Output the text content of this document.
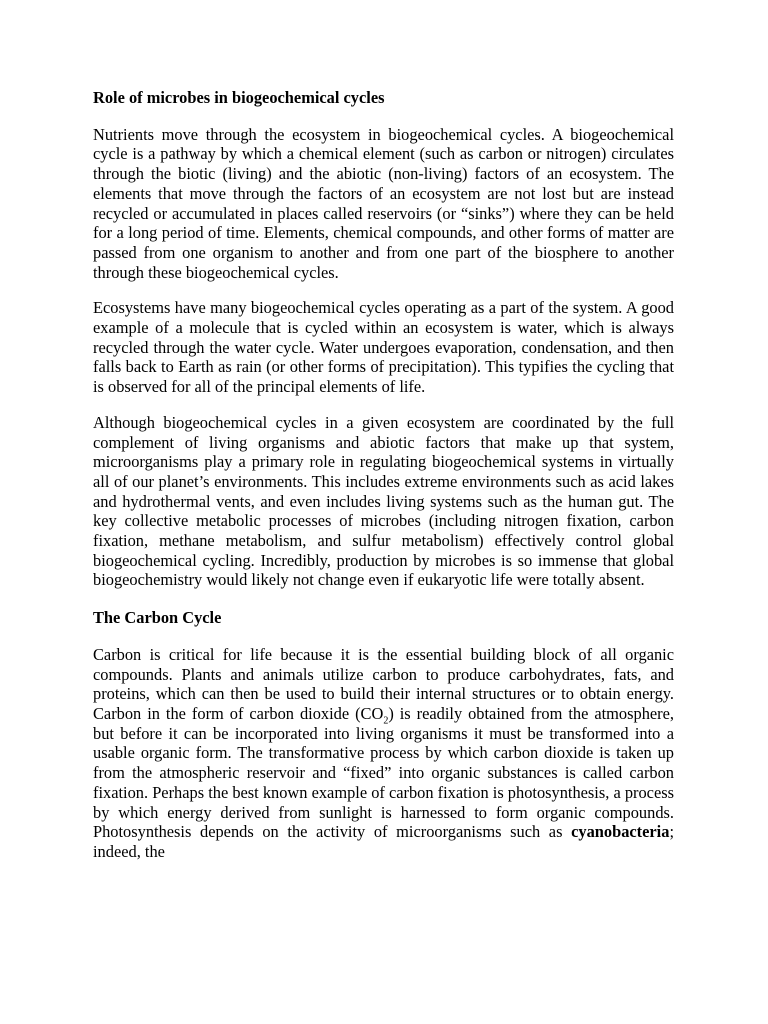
Role of microbes in biogeochemical cycles

Nutrients move through the ecosystem in biogeochemical cycles. A biogeochemical cycle is a pathway by which a chemical element (such as carbon or nitrogen) circulates through the biotic (living) and the abiotic (non-living) factors of an ecosystem. The elements that move through the factors of an ecosystem are not lost but are instead recycled or accumulated in places called reservoirs (or “sinks”) where they can be held for a long period of time. Elements, chemical compounds, and other forms of matter are passed from one organism to another and from one part of the biosphere to another through these biogeochemical cycles.

Ecosystems have many biogeochemical cycles operating as a part of the system. A good example of a molecule that is cycled within an ecosystem is water, which is always recycled through the water cycle. Water undergoes evaporation, condensation, and then falls back to Earth as rain (or other forms of precipitation). This typifies the cycling that is observed for all of the principal elements of life.

Although biogeochemical cycles in a given ecosystem are coordinated by the full complement of living organisms and abiotic factors that make up that system, microorganisms play a primary role in regulating biogeochemical systems in virtually all of our planet’s environments. This includes extreme environments such as acid lakes and hydrothermal vents, and even includes living systems such as the human gut. The key collective metabolic processes of microbes (including nitrogen fixation, carbon fixation, methane metabolism, and sulfur metabolism) effectively control global biogeochemical cycling. Incredibly, production by microbes is so immense that global biogeochemistry would likely not change even if eukaryotic life were totally absent.

The Carbon Cycle

Carbon is critical for life because it is the essential building block of all organic compounds. Plants and animals utilize carbon to produce carbohydrates, fats, and proteins, which can then be used to build their internal structures or to obtain energy. Carbon in the form of carbon dioxide $(CO_2)$ is readily obtained from the atmosphere, but before it can be incorporated into living organisms it must be transformed into a usable organic form. The transformative process by which carbon dioxide is taken up from the atmospheric reservoir and “fixed” into organic substances is called carbon fixation. Perhaps the best known example of carbon fixation is photosynthesis, a process by which energy derived from sunlight is harnessed to form organic compounds. Photosynthesis depends on the activity of microorganisms such as cyanobacteria; indeed, the
